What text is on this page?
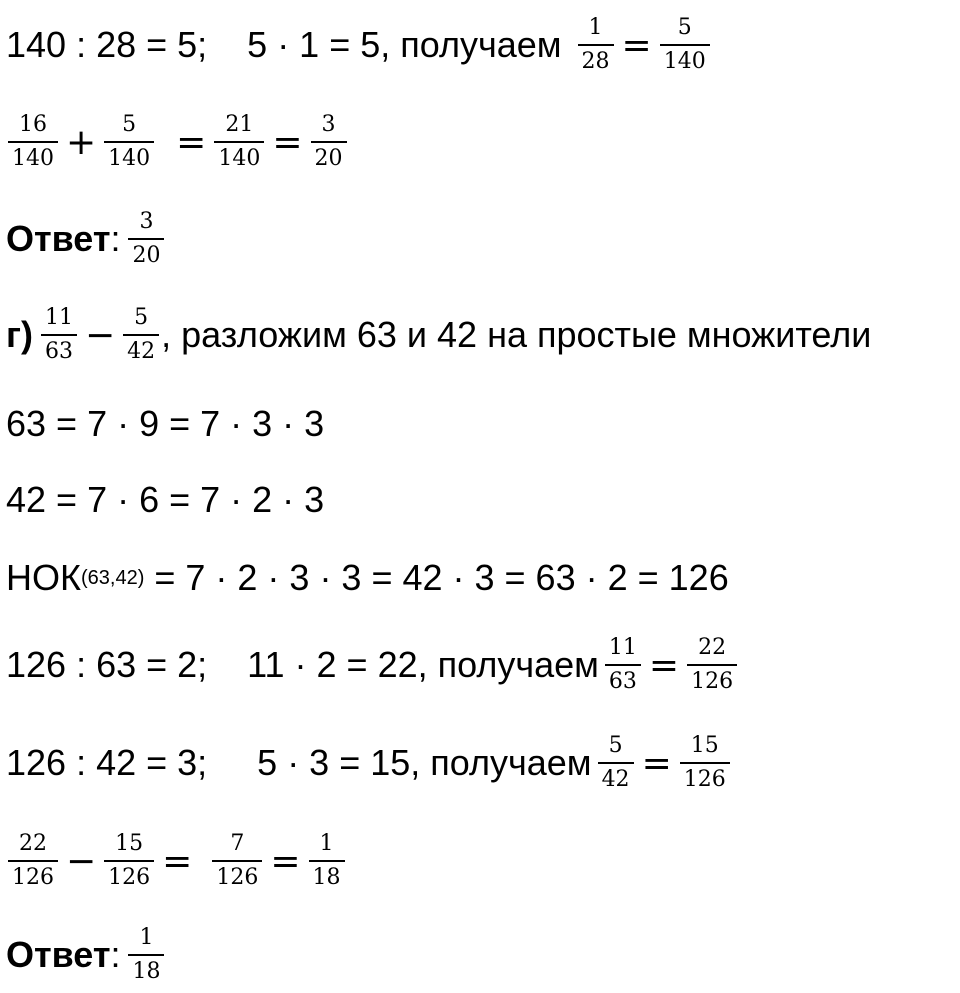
140 : 28 = 5; 5 · 1 = 5, получаем $\frac{1}{28} = \frac{5}{140}$
$\frac{16}{140} + \frac{5}{140} = \frac{21}{140} = \frac{3}{20}$
Ответ : $\frac{3}{20}$
$г) \frac{11}{63} - \frac{5}{42}$ , разложим 63 и 42 на простые множители
63 = 7 · 9 = 7 · 3 · 3
42 = 7 · 6 = 7 · 2 · 3
НОК (63,42) = 7 · 2 · 3 · 3 = 42 · 3 = 63 · 2 = 126
126 : 63 = 2; 11 · 2 = 22, получаем $\frac{11}{63} = \frac{22}{126}$
126 : 42 = 3; 5 · 3 = 15, получаем $\frac{5}{42} = \frac{15}{126}$
$\frac{22}{126} - \frac{15}{126} = \frac{7}{126} = \frac{1}{18}$
Ответ : $\frac{1}{18}$
